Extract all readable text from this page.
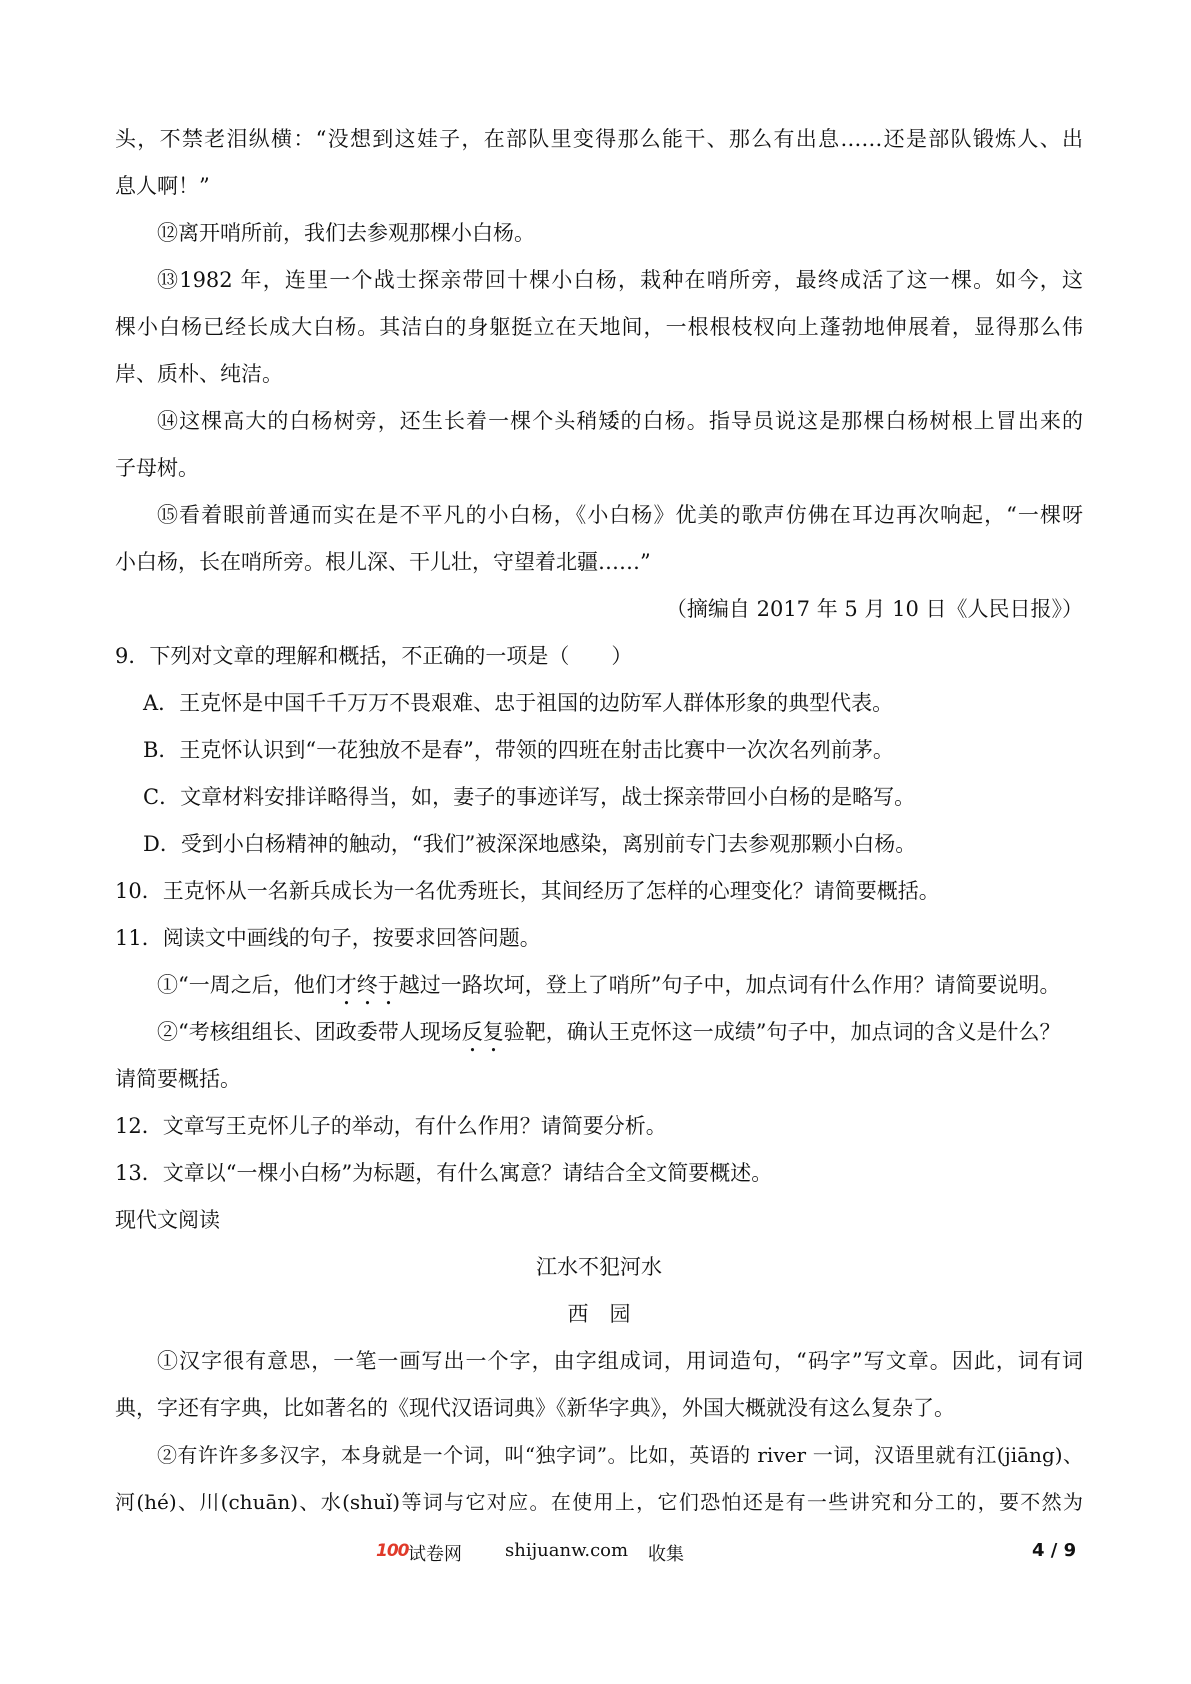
头，不禁老泪纵横：“没想到这娃子，在部队里变得那么能干、那么有出息……还是部队锻炼人、出
息人啊！”
⑫离开哨所前，我们去参观那棵小白杨。
⑬1982 年，连里一个战士探亲带回十棵小白杨，栽种在哨所旁，最终成活了这一棵。如今，这
棵小白杨已经长成大白杨。其洁白的身躯挺立在天地间，一根根枝杈向上蓬勃地伸展着，显得那么伟
岸、质朴、纯洁。
⑭这棵高大的白杨树旁，还生长着一棵个头稍矮的白杨。指导员说这是那棵白杨树根上冒出来的
子母树。
⑮看着眼前普通而实在是不平凡的小白杨，《小白杨》优美的歌声仿佛在耳边再次响起，“一棵呀
小白杨，长在哨所旁。根儿深、干儿壮，守望着北疆……”
（摘编自 2017 年 5 月 10 日《人民日报》）
9．下列对文章的理解和概括，不正确的一项是（　　）
A．王克怀是中国千千万万不畏艰难、忠于祖国的边防军人群体形象的典型代表。
B．王克怀认识到“一花独放不是春”，带领的四班在射击比赛中一次次名列前茅。
C．文章材料安排详略得当，如，妻子的事迹详写，战士探亲带回小白杨的是略写。
D．受到小白杨精神的触动，“我们”被深深地感染，离别前专门去参观那颗小白杨。
10．王克怀从一名新兵成长为一名优秀班长，其间经历了怎样的心理变化？请简要概括。
11．阅读文中画线的句子，按要求回答问题。
①“一周之后，他们才终于越过一路坎坷，登上了哨所”句子中，加点词有什么作用？请简要说明。
②“考核组组长、团政委带人现场反复验靶，确认王克怀这一成绩”句子中，加点词的含义是什么？
请简要概括。
12．文章写王克怀儿子的举动，有什么作用？请简要分析。
13．文章以“一棵小白杨”为标题，有什么寓意？请结合全文简要概述。
现代文阅读
江水不犯河水
西　园
①汉字很有意思，一笔一画写出一个字，由字组成词，用词造句，“码字”写文章。因此，词有词
典，字还有字典，比如著名的《现代汉语词典》《新华字典》，外国大概就没有这么复杂了。
②有许许多多汉字，本身就是一个词，叫“独字词”。比如，英语的 river 一词，汉语里就有江(jiāng)、
河(hé)、川(chuān)、水(shuǐ)等词与它对应。在使用上，它们恐怕还是有一些讲究和分工的，要不然为
100 试卷网 shijuanw.com 收集	4 / 9
